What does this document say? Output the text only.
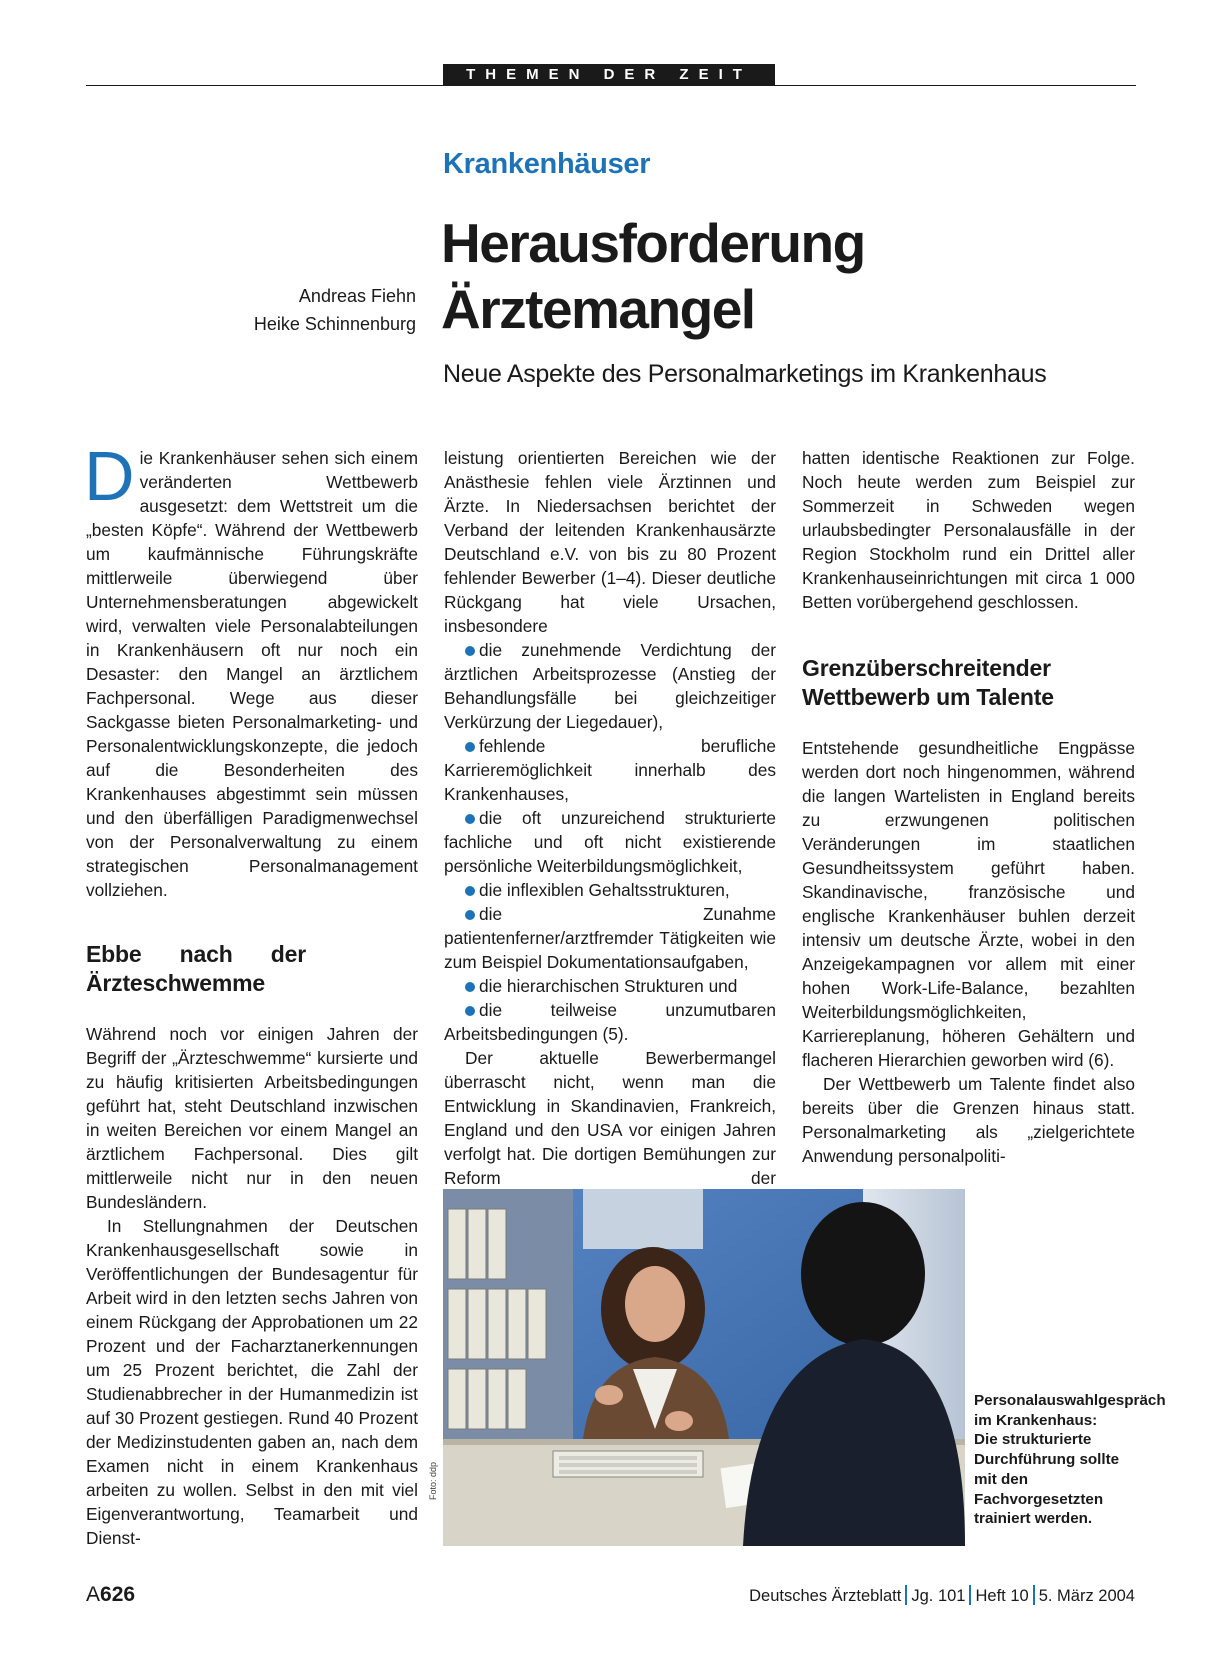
THEMEN DER ZEIT
Krankenhäuser
Herausforderung
Ärztemangel
Andreas Fiehn
Heike Schinnenburg
Neue Aspekte des Personalmarketings im Krankenhaus

Die Krankenhäuser sehen sich einem veränderten Wettbewerb ausgesetzt: dem Wettstreit um die „besten Köpfe“. Während der Wettbewerb um kaufmännische Führungskräfte mittlerweile überwiegend über Unternehmensberatungen abgewickelt wird, verwalten viele Personalabteilungen in Krankenhäusern oft nur noch ein Desaster: den Mangel an ärztlichem Fachpersonal. Wege aus dieser Sackgasse bieten Personalmarketing- und Personalentwicklungskonzepte, die jedoch auf die Besonderheiten des Krankenhauses abgestimmt sein müssen und den überfälligen Paradigmenwechsel von der Personalverwaltung zu einem strategischen Personalmanagement vollziehen.

Ebbe nach der Ärzteschwemme

Während noch vor einigen Jahren der Begriff der „Ärzteschwemme“ kursierte und zu häufig kritisierten Arbeitsbedingungen geführt hat, steht Deutschland inzwischen in weiten Bereichen vor einem Mangel an ärztlichem Fachpersonal. Dies gilt mittlerweile nicht nur in den neuen Bundesländern.

In Stellungnahmen der Deutschen Krankenhausgesellschaft sowie in Veröffentlichungen der Bundesagentur für Arbeit wird in den letzten sechs Jahren von einem Rückgang der Approbationen um 22 Prozent und der Facharztanerkennungen um 25 Prozent berichtet, die Zahl der Studienabbrecher in der Humanmedizin ist auf 30 Prozent gestiegen. Rund 40 Prozent der Medizinstudenten gaben an, nach dem Examen nicht in einem Krankenhaus arbeiten zu wollen. Selbst in den mit viel Eigenverantwortung, Teamarbeit und Dienst-

leistung orientierten Bereichen wie der Anästhesie fehlen viele Ärztinnen und Ärzte. In Niedersachsen berichtet der Verband der leitenden Krankenhausärzte Deutschland e.V. von bis zu 80 Prozent fehlender Bewerber (1–4). Dieser deutliche Rückgang hat viele Ursachen, insbesondere

die zunehmende Verdichtung der ärztlichen Arbeitsprozesse (Anstieg der Behandlungsfälle bei gleichzeitiger Verkürzung der Liegedauer),

fehlende berufliche Karrieremöglichkeit innerhalb des Krankenhauses,

die oft unzureichend strukturierte fachliche und oft nicht existierende persönliche Weiterbildungsmöglichkeit,

die inflexiblen Gehaltsstrukturen,

die Zunahme patientenferner/arztfremder Tätigkeiten wie zum Beispiel Dokumentationsaufgaben,

die hierarchischen Strukturen und

die teilweise unzumutbaren Arbeitsbedingungen (5).

Der aktuelle Bewerbermangel überrascht nicht, wenn man die Entwicklung in Skandinavien, Frankreich, England und den USA vor einigen Jahren verfolgt hat. Die dortigen Bemühungen zur Reform der

hatten identische Reaktionen zur Folge. Noch heute werden zum Beispiel zur Sommerzeit in Schweden wegen urlaubsbedingter Personalausfälle in der Region Stockholm rund ein Drittel aller Krankenhauseinrichtungen mit circa 1 000 Betten vorübergehend geschlossen.

Grenzüberschreitender Wettbewerb um Talente

Entstehende gesundheitliche Engpässe werden dort noch hingenommen, während die langen Wartelisten in England bereits zu erzwungenen politischen Veränderungen im staatlichen Gesundheitssystem geführt haben. Skandinavische, französische und englische Krankenhäuser buhlen derzeit intensiv um deutsche Ärzte, wobei in den Anzeigekampagnen vor allem mit einer hohen Work-Life-Balance, bezahlten Weiterbildungsmöglichkeiten, Karriereplanung, höheren Gehältern und flacheren Hierarchien geworben wird (6).

Der Wettbewerb um Talente findet also bereits über die Grenzen hinaus statt. Personalmarketing als „zielgerichtete Anwendung personalpoliti-

Foto: ddp
Personalauswahlgespräch im Krankenhaus: Die strukturierte Durchführung sollte mit den Fachvorgesetzten trainiert werden.
A626	Deutsches Ärzteblatt Jg. 101 Heft 10 5. März 2004
